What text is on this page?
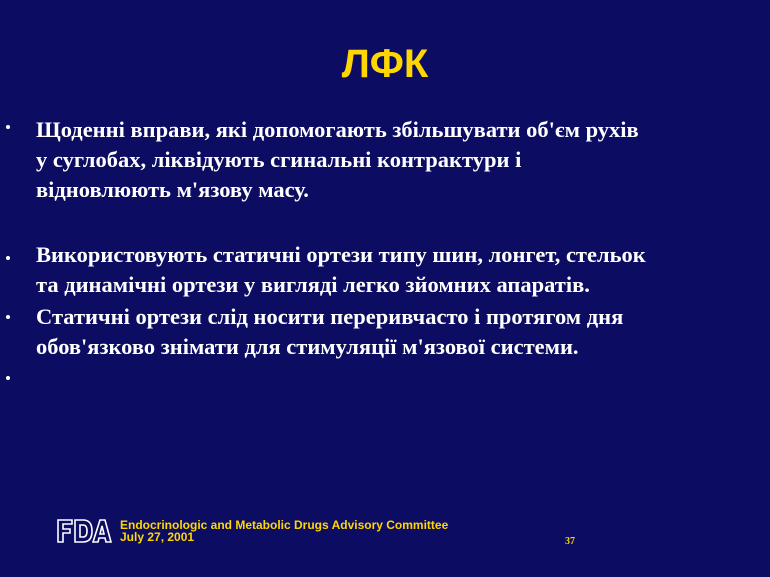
ЛФК
Щоденні вправи, які допомогають збільшувати об'єм рухів
у суглобах, ліквідують сгинальні контрактури і
відновлюють м'язову масу.
Використовують статичні ортези типу шин, лонгет, стельок
та динамічні ортези у вигляді легко зйомних апаратів.
Статичні ортези слід носити переривчасто і протягом дня
обов'язково знімати для стимуляції м'язової системи.
Endocrinologic and Metabolic Drugs Advisory Committee
July 27, 2001	37
